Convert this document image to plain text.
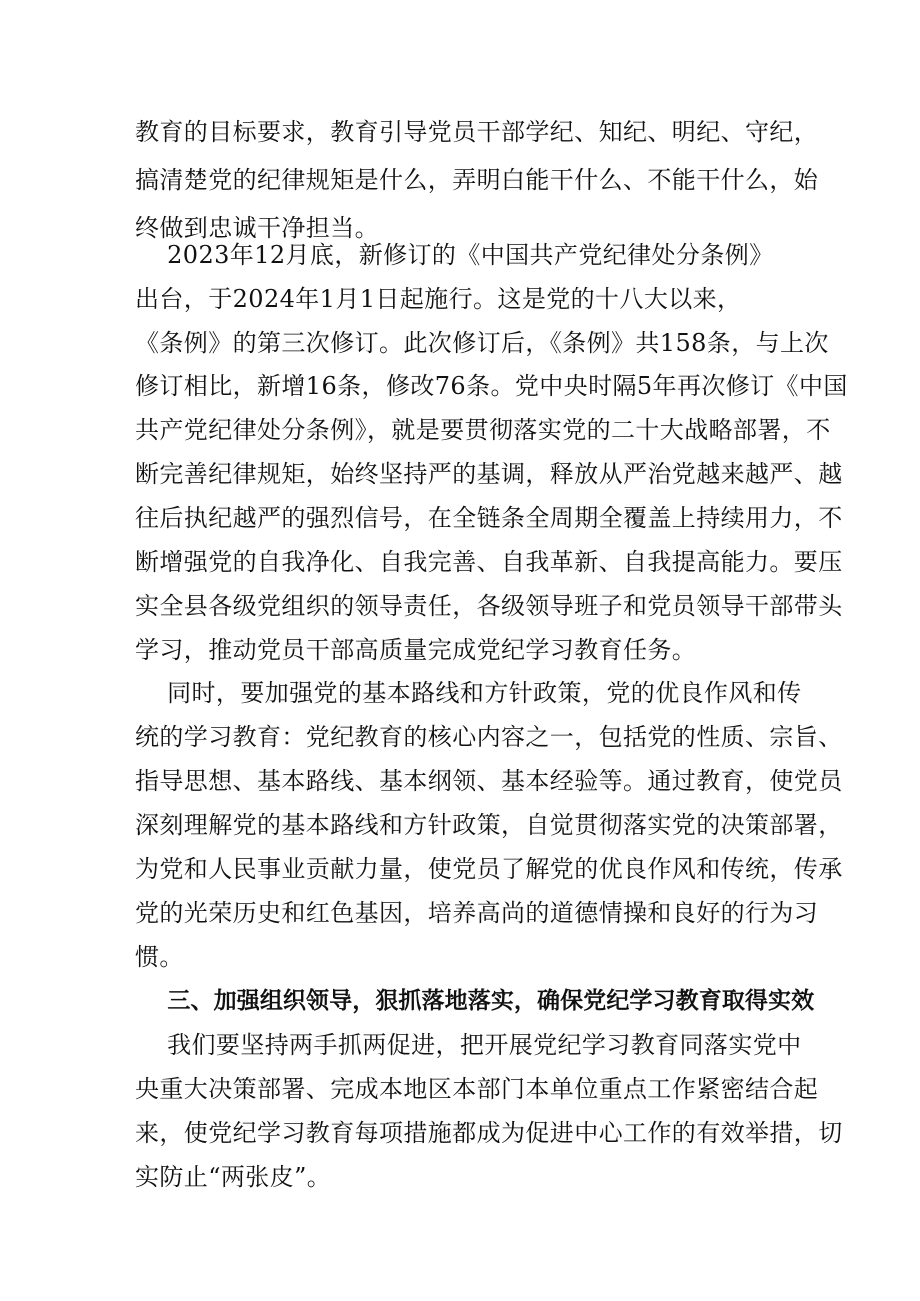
教育的目标要求，教育引导党员干部学纪、知纪、明纪、守纪，
搞清楚党的纪律规矩是什么，弄明白能干什么、不能干什么，始
终做到忠诚干净担当。
2023年12月底，新修订的《中国共产党纪律处分条例》
出台，于2024年1月1日起施行。这是党的十八大以来，
《条例》的第三次修订。此次修订后，《条例》共158条，与上次
修订相比，新增16条，修改76条。党中央时隔5年再次修订《中国
共产党纪律处分条例》，就是要贯彻落实党的二十大战略部署，不
断完善纪律规矩，始终坚持严的基调，释放从严治党越来越严、越
往后执纪越严的强烈信号，在全链条全周期全覆盖上持续用力，不
断增强党的自我净化、自我完善、自我革新、自我提高能力。要压
实全县各级党组织的领导责任，各级领导班子和党员领导干部带头
学习，推动党员干部高质量完成党纪学习教育任务。
同时，要加强党的基本路线和方针政策，党的优良作风和传
统的学习教育：党纪教育的核心内容之一，包括党的性质、宗旨、
指导思想、基本路线、基本纲领、基本经验等。通过教育，使党员
深刻理解党的基本路线和方针政策，自觉贯彻落实党的决策部署，
为党和人民事业贡献力量，使党员了解党的优良作风和传统，传承
党的光荣历史和红色基因，培养高尚的道德情操和良好的行为习
惯。
三、加强组织领导，狠抓落地落实，确保党纪学习教育取得实效
我们要坚持两手抓两促进，把开展党纪学习教育同落实党中
央重大决策部署、完成本地区本部门本单位重点工作紧密结合起
来，使党纪学习教育每项措施都成为促进中心工作的有效举措，切
实防止“两张皮”。
